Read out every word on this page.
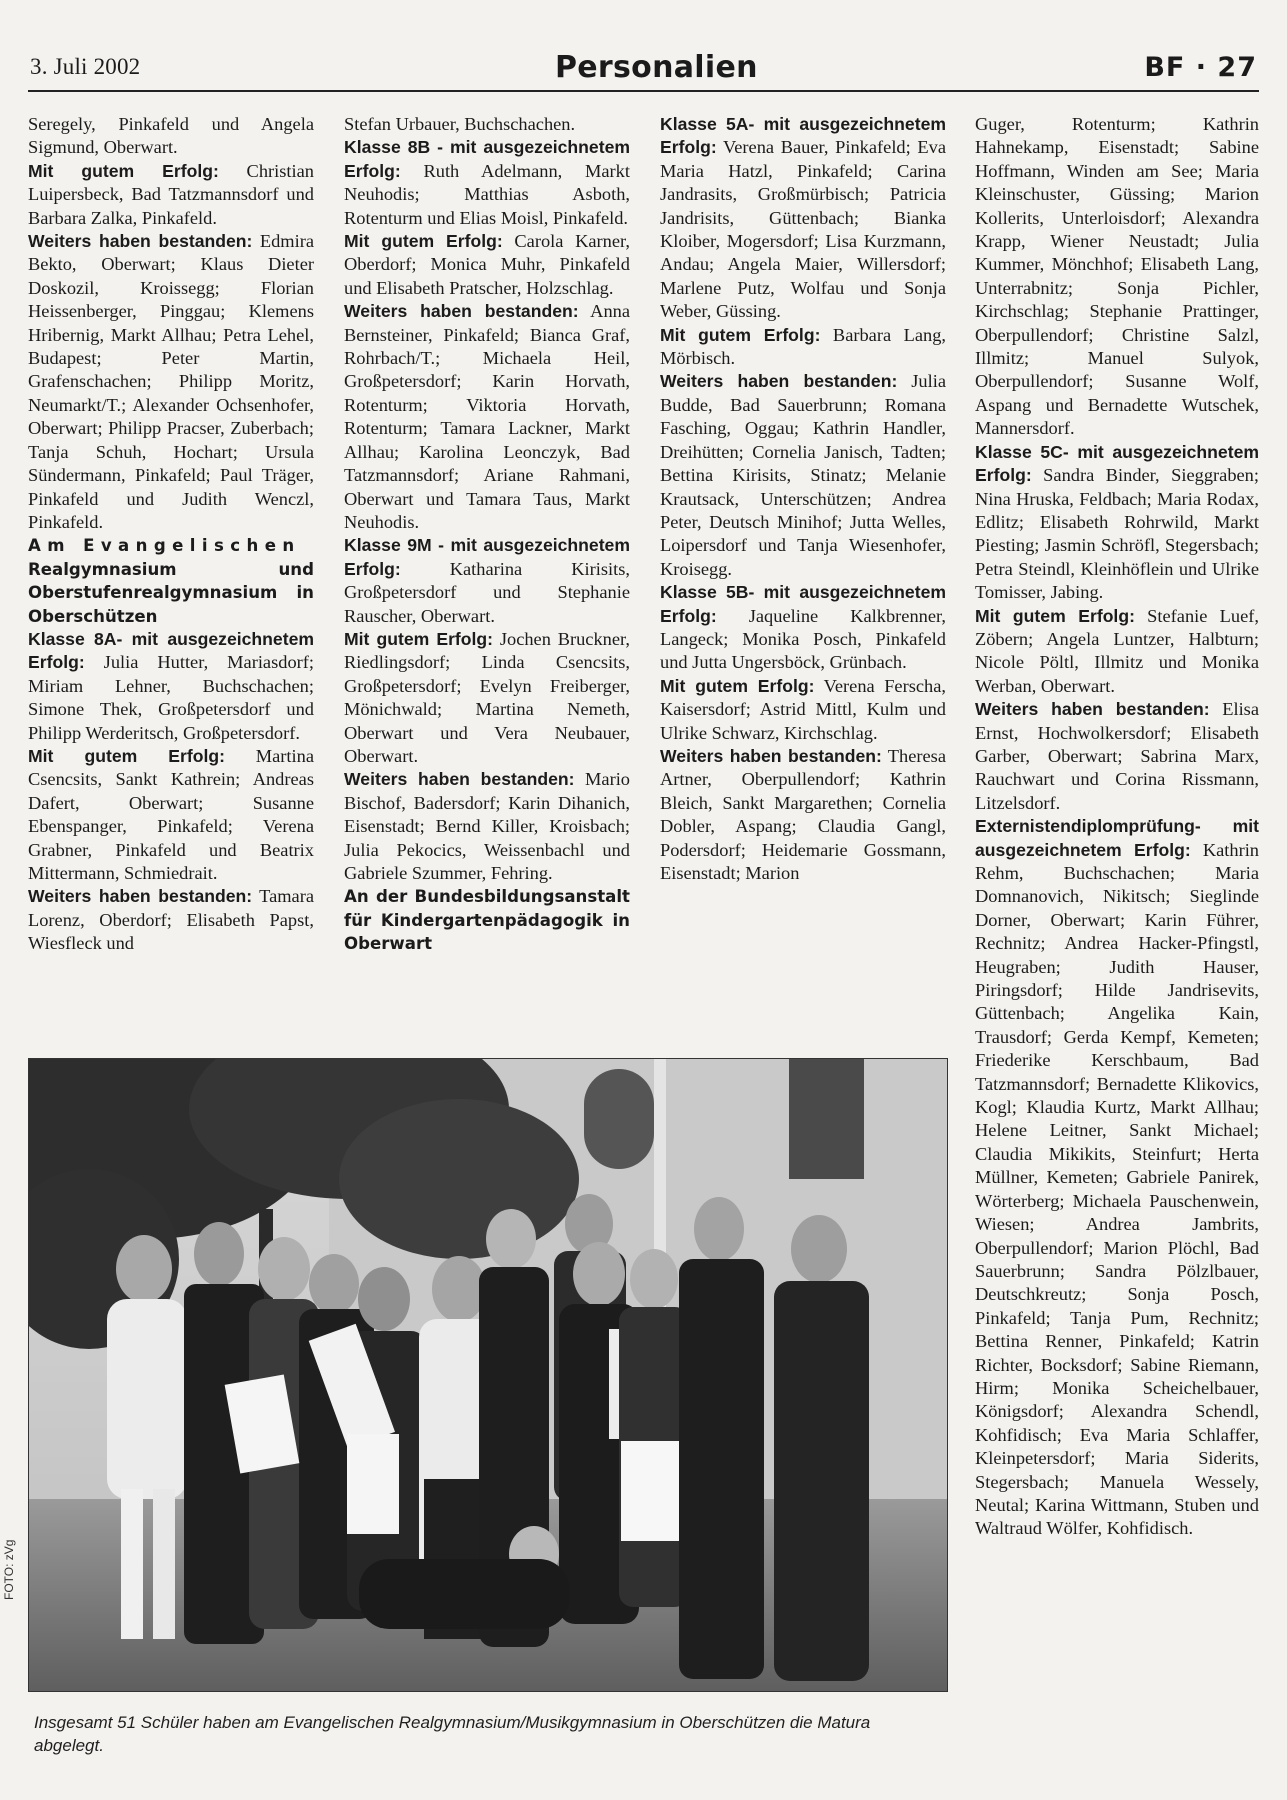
3. Juli 2002	Personalien	BF · 27
Seregely, Pinkafeld und Angela Sigmund, Oberwart.
Mit gutem Erfolg: Christian Luipersbeck, Bad Tatzmannsdorf und Barbara Zalka, Pinkafeld.
Weiters haben bestanden: Edmira Bekto, Oberwart; Klaus Dieter Doskozil, Kroissegg; Florian Heissenberger, Pinggau; Klemens Hribernig, Markt Allhau; Petra Lehel, Budapest; Peter Martin, Grafenschachen; Philipp Moritz, Neumarkt/T.; Alexander Ochsenhofer, Oberwart; Philipp Pracser, Zuberbach; Tanja Schuh, Hochart; Ursula Sündermann, Pinkafeld; Paul Träger, Pinkafeld und Judith Wenczl, Pinkafeld.
Am Evangelischen
Realgymnasium und
Oberstufenrealgymnasium in
Oberschützen
Klasse 8A- mit ausgezeichnetem Erfolg: Julia Hutter, Mariasdorf; Miriam Lehner, Buchschachen; Simone Thek, Großpetersdorf und Philipp Werderitsch, Großpetersdorf.
Mit gutem Erfolg: Martina Csencsits, Sankt Kathrein; Andreas Dafert, Oberwart; Susanne Ebenspanger, Pinkafeld; Verena Grabner, Pinkafeld und Beatrix Mittermann, Schmiedrait.
Weiters haben bestanden: Tamara Lorenz, Oberdorf; Elisabeth Papst, Wiesfleck und
Stefan Urbauer, Buchschachen.
Klasse 8B - mit ausgezeichnetem Erfolg: Ruth Adelmann, Markt Neuhodis; Matthias Asboth, Rotenturm und Elias Moisl, Pinkafeld.
Mit gutem Erfolg: Carola Karner, Oberdorf; Monica Muhr, Pinkafeld und Elisabeth Pratscher, Holzschlag.
Weiters haben bestanden: Anna Bernsteiner, Pinkafeld; Bianca Graf, Rohrbach/T.; Michaela Heil, Großpetersdorf; Karin Horvath, Rotenturm; Viktoria Horvath, Rotenturm; Tamara Lackner, Markt Allhau; Karolina Leonczyk, Bad Tatzmannsdorf; Ariane Rahmani, Oberwart und Tamara Taus, Markt Neuhodis.
Klasse 9M - mit ausgezeichnetem Erfolg: Katharina Kirisits, Großpetersdorf und Stephanie Rauscher, Oberwart.
Mit gutem Erfolg: Jochen Bruckner, Riedlingsdorf; Linda Csencsits, Großpetersdorf; Evelyn Freiberger, Mönichwald; Martina Nemeth, Oberwart und Vera Neubauer, Oberwart.
Weiters haben bestanden: Mario Bischof, Badersdorf; Karin Dihanich, Eisenstadt; Bernd Killer, Kroisbach; Julia Pekocics, Weissenbachl und Gabriele Szummer, Fehring.
An der Bundesbildungsanstalt
für Kindergartenpädagogik in
Oberwart
Klasse 5A- mit ausgezeichnetem Erfolg: Verena Bauer, Pinkafeld; Eva Maria Hatzl, Pinkafeld; Carina Jandrasits, Großmürbisch; Patricia Jandrisits, Güttenbach; Bianka Kloiber, Mogersdorf; Lisa Kurzmann, Andau; Angela Maier, Willersdorf; Marlene Putz, Wolfau und Sonja Weber, Güssing.
Mit gutem Erfolg: Barbara Lang, Mörbisch.
Weiters haben bestanden: Julia Budde, Bad Sauerbrunn; Romana Fasching, Oggau; Kathrin Handler, Dreihütten; Cornelia Janisch, Tadten; Bettina Kirisits, Stinatz; Melanie Krautsack, Unterschützen; Andrea Peter, Deutsch Minihof; Jutta Welles, Loipersdorf und Tanja Wiesenhofer, Kroisegg.
Klasse 5B- mit ausgezeichnetem Erfolg: Jaqueline Kalkbrenner, Langeck; Monika Posch, Pinkafeld und Jutta Ungersböck, Grünbach.
Mit gutem Erfolg: Verena Ferscha, Kaisersdorf; Astrid Mittl, Kulm und Ulrike Schwarz, Kirchschlag.
Weiters haben bestanden: Theresa Artner, Oberpullendorf; Kathrin Bleich, Sankt Margarethen; Cornelia Dobler, Aspang; Claudia Gangl, Podersdorf; Heidemarie Gossmann, Eisenstadt; Marion
Guger, Rotenturm; Kathrin Hahnekamp, Eisenstadt; Sabine Hoffmann, Winden am See; Maria Kleinschuster, Güssing; Marion Kollerits, Unterloisdorf; Alexandra Krapp, Wiener Neustadt; Julia Kummer, Mönchhof; Elisabeth Lang, Unterrabnitz; Sonja Pichler, Kirchschlag; Stephanie Prattinger, Oberpullendorf; Christine Salzl, Illmitz; Manuel Sulyok, Oberpullendorf; Susanne Wolf, Aspang und Bernadette Wutschek, Mannersdorf.
Klasse 5C- mit ausgezeichnetem Erfolg: Sandra Binder, Sieggraben; Nina Hruska, Feldbach; Maria Rodax, Edlitz; Elisabeth Rohrwild, Markt Piesting; Jasmin Schröfl, Stegersbach; Petra Steindl, Kleinhöflein und Ulrike Tomisser, Jabing.
Mit gutem Erfolg: Stefanie Luef, Zöbern; Angela Luntzer, Halbturn; Nicole Pöltl, Illmitz und Monika Werban, Oberwart.
Weiters haben bestanden: Elisa Ernst, Hochwolkersdorf; Elisabeth Garber, Oberwart; Sabrina Marx, Rauchwart und Corina Rissmann, Litzelsdorf.
Externistendiplomprüfung- mit ausgezeichnetem Erfolg: Kathrin Rehm, Buchschachen; Maria Domnanovich, Nikitsch; Sieglinde Dorner, Oberwart; Karin Führer, Rechnitz; Andrea Hacker-Pfingstl, Heugraben; Judith Hauser, Piringsdorf; Hilde Jandrisevits, Güttenbach; Angelika Kain, Trausdorf; Gerda Kempf, Kemeten; Friederike Kerschbaum, Bad Tatzmannsdorf; Bernadette Klikovics, Kogl; Klaudia Kurtz, Markt Allhau; Helene Leitner, Sankt Michael; Claudia Mikikits, Steinfurt; Herta Müllner, Kemeten; Gabriele Panirek, Wörterberg; Michaela Pauschenwein, Wiesen; Andrea Jambrits, Oberpullendorf; Marion Plöchl, Bad Sauerbrunn; Sandra Pölzlbauer, Deutschkreutz; Sonja Posch, Pinkafeld; Tanja Pum, Rechnitz; Bettina Renner, Pinkafeld; Katrin Richter, Bocksdorf; Sabine Riemann, Hirm; Monika Scheichelbauer, Königsdorf; Alexandra Schendl, Kohfidisch; Eva Maria Schlaffer, Kleinpetersdorf; Maria Siderits, Stegersbach; Manuela Wessely, Neutal; Karina Wittmann, Stuben und Waltraud Wölfer, Kohfidisch.
FOTO: zVg
Insgesamt 51 Schüler haben am Evangelischen Realgymnasium/Musikgymnasium in Oberschützen die Matura abgelegt.
